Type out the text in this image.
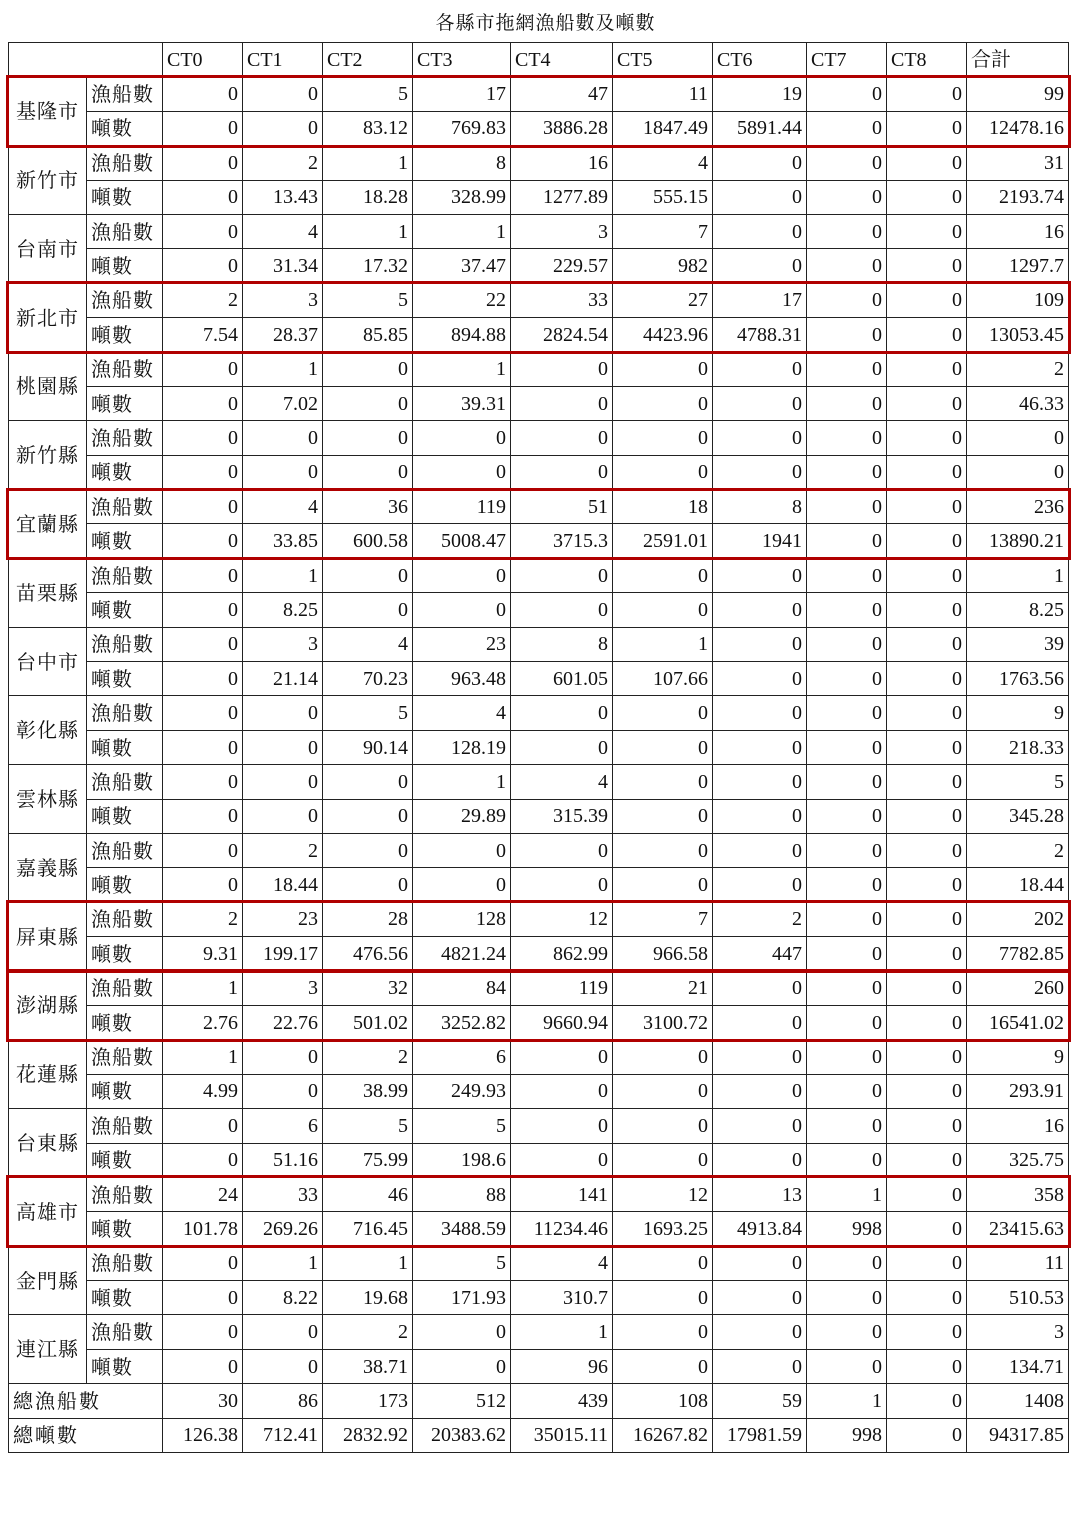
各縣市拖網漁船數及噸數
		CT0	CT1	CT2	CT3	CT4	CT5	CT6	CT7	CT8	合計
基隆市	漁船數	0	0	5	17	47	11	19	0	0	99
	噸數	0	0	83.12	769.83	3886.28	1847.49	5891.44	0	0	12478.16
新竹市	漁船數	0	2	1	8	16	4	0	0	0	31
	噸數	0	13.43	18.28	328.99	1277.89	555.15	0	0	0	2193.74
台南市	漁船數	0	4	1	1	3	7	0	0	0	16
	噸數	0	31.34	17.32	37.47	229.57	982	0	0	0	1297.7
新北市	漁船數	2	3	5	22	33	27	17	0	0	109
	噸數	7.54	28.37	85.85	894.88	2824.54	4423.96	4788.31	0	0	13053.45
桃園縣	漁船數	0	1	0	1	0	0	0	0	0	2
	噸數	0	7.02	0	39.31	0	0	0	0	0	46.33
新竹縣	漁船數	0	0	0	0	0	0	0	0	0	0
	噸數	0	0	0	0	0	0	0	0	0	0
宜蘭縣	漁船數	0	4	36	119	51	18	8	0	0	236
	噸數	0	33.85	600.58	5008.47	3715.3	2591.01	1941	0	0	13890.21
苗栗縣	漁船數	0	1	0	0	0	0	0	0	0	1
	噸數	0	8.25	0	0	0	0	0	0	0	8.25
台中市	漁船數	0	3	4	23	8	1	0	0	0	39
	噸數	0	21.14	70.23	963.48	601.05	107.66	0	0	0	1763.56
彰化縣	漁船數	0	0	5	4	0	0	0	0	0	9
	噸數	0	0	90.14	128.19	0	0	0	0	0	218.33
雲林縣	漁船數	0	0	0	1	4	0	0	0	0	5
	噸數	0	0	0	29.89	315.39	0	0	0	0	345.28
嘉義縣	漁船數	0	2	0	0	0	0	0	0	0	2
	噸數	0	18.44	0	0	0	0	0	0	0	18.44
屏東縣	漁船數	2	23	28	128	12	7	2	0	0	202
	噸數	9.31	199.17	476.56	4821.24	862.99	966.58	447	0	0	7782.85
澎湖縣	漁船數	1	3	32	84	119	21	0	0	0	260
	噸數	2.76	22.76	501.02	3252.82	9660.94	3100.72	0	0	0	16541.02
花蓮縣	漁船數	1	0	2	6	0	0	0	0	0	9
	噸數	4.99	0	38.99	249.93	0	0	0	0	0	293.91
台東縣	漁船數	0	6	5	5	0	0	0	0	0	16
	噸數	0	51.16	75.99	198.6	0	0	0	0	0	325.75
高雄市	漁船數	24	33	46	88	141	12	13	1	0	358
	噸數	101.78	269.26	716.45	3488.59	11234.46	1693.25	4913.84	998	0	23415.63
金門縣	漁船數	0	1	1	5	4	0	0	0	0	11
	噸數	0	8.22	19.68	171.93	310.7	0	0	0	0	510.53
連江縣	漁船數	0	0	2	0	1	0	0	0	0	3
	噸數	0	0	38.71	0	96	0	0	0	0	134.71
總漁船數		30	86	173	512	439	108	59	1	0	1408
總噸數		126.38	712.41	2832.92	20383.62	35015.11	16267.82	17981.59	998	0	94317.85
